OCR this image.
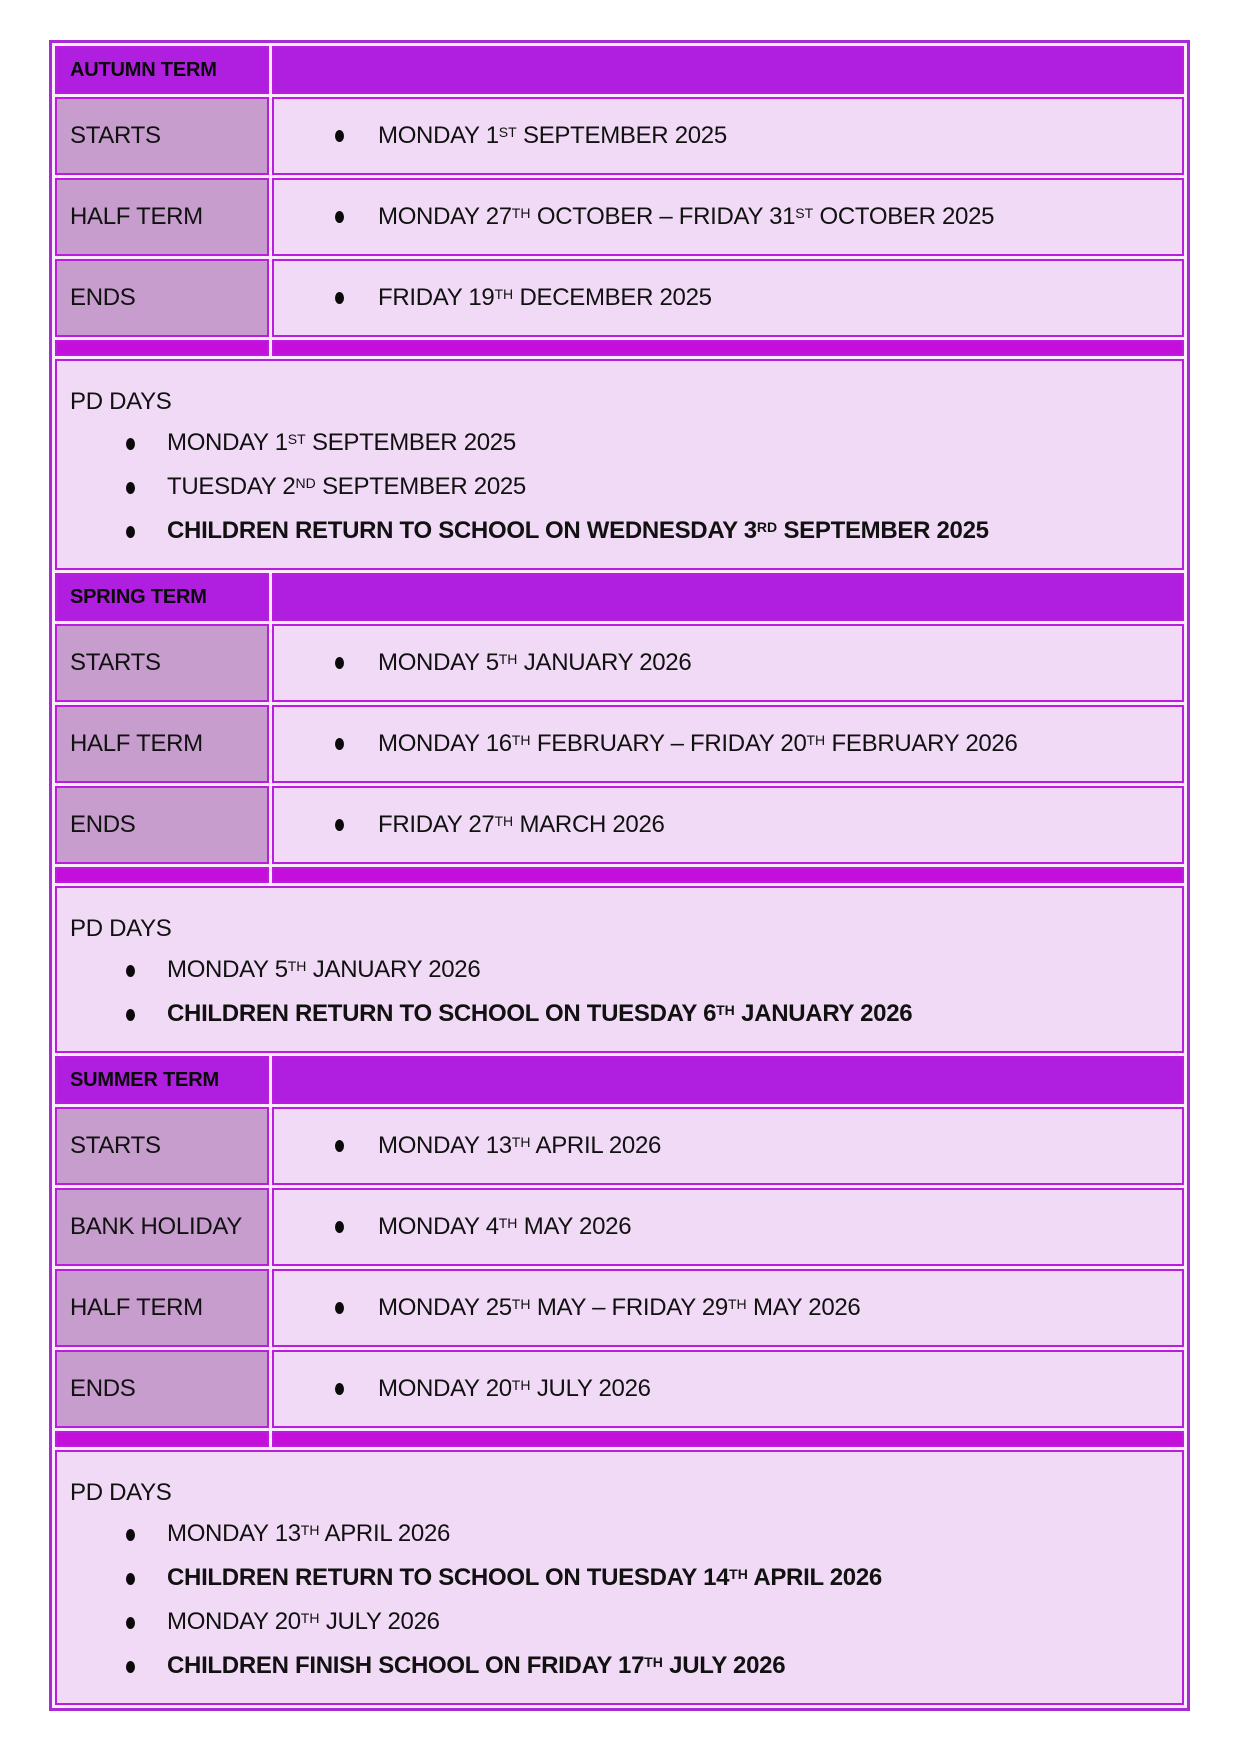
AUTUMN TERM	
STARTS	MONDAY 1ST SEPTEMBER 2025

HALF TERM	MONDAY 27TH OCTOBER – FRIDAY 31ST OCTOBER 2025

ENDS	FRIDAY 19TH DECEMBER 2025

PD DAYS
MONDAY 1ST SEPTEMBER 2025
TUESDAY 2ND SEPTEMBER 2025
CHILDREN RETURN TO SCHOOL ON WEDNESDAY 3RD SEPTEMBER 2025	

SPRING TERM	
STARTS	MONDAY 5TH JANUARY 2026

HALF TERM	MONDAY 16TH FEBRUARY – FRIDAY 20TH FEBRUARY 2026

ENDS	FRIDAY 27TH MARCH 2026

PD DAYS
MONDAY 5TH JANUARY 2026
CHILDREN RETURN TO SCHOOL ON TUESDAY 6TH JANUARY 2026	

SUMMER TERM	
STARTS	MONDAY 13TH APRIL 2026

BANK HOLIDAY	MONDAY 4TH MAY 2026

HALF TERM	MONDAY 25TH MAY – FRIDAY 29TH MAY 2026

ENDS	MONDAY 20TH JULY 2026

PD DAYS
MONDAY 13TH APRIL 2026
CHILDREN RETURN TO SCHOOL ON TUESDAY 14TH APRIL 2026
MONDAY 20TH JULY 2026
CHILDREN FINISH SCHOOL ON FRIDAY 17TH JULY 2026	
